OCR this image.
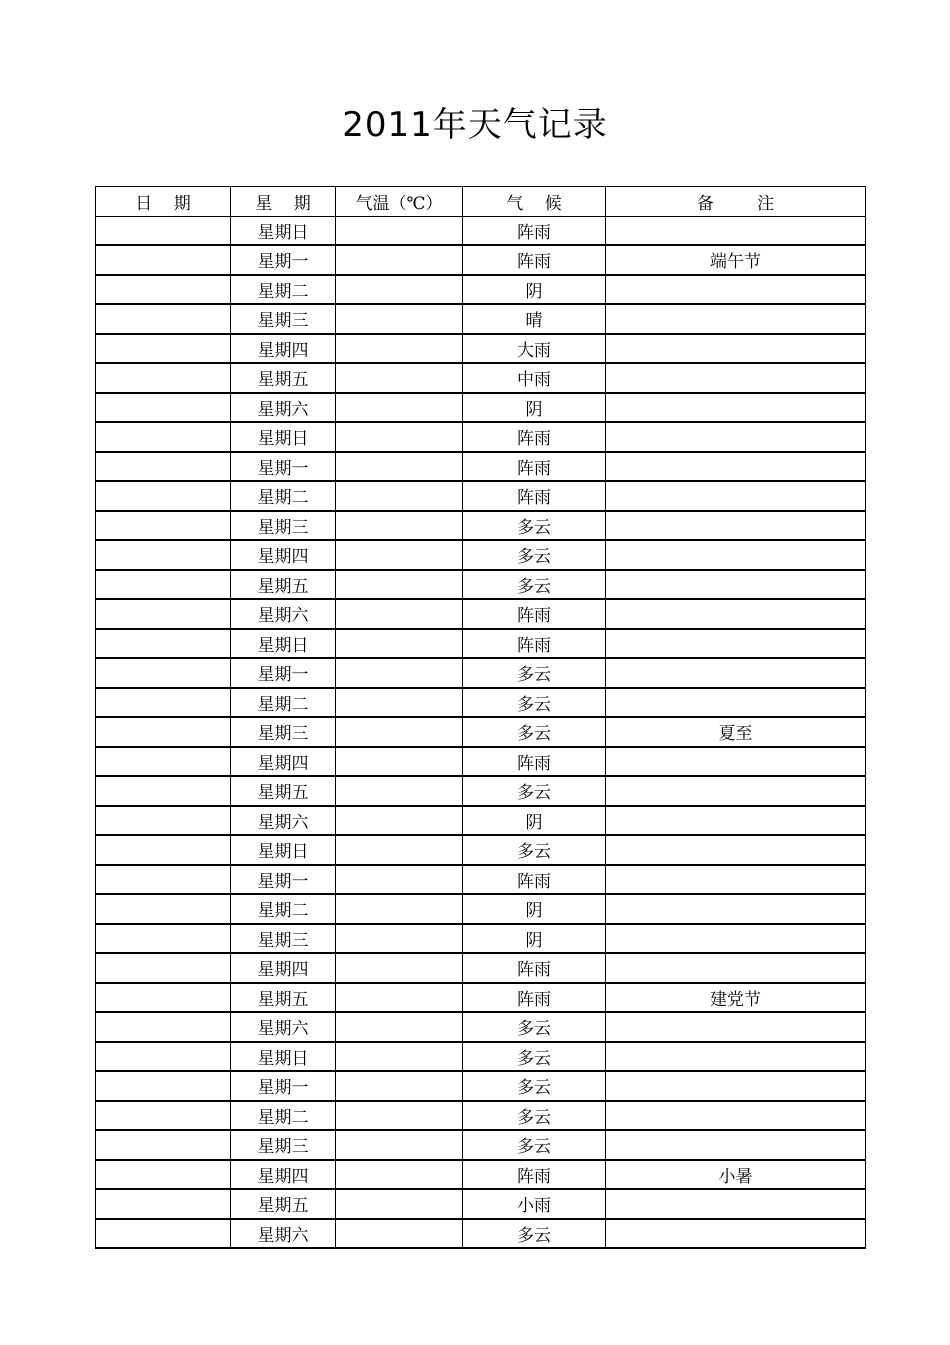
2011年天气记录
日    期	星    期	气温（℃）	气    候	备        注
	星期日		阵雨	
	星期一		阵雨	端午节
	星期二		阴	
	星期三		晴	
	星期四		大雨	
	星期五		中雨	
	星期六		阴	
	星期日		阵雨	
	星期一		阵雨	
	星期二		阵雨	
	星期三		多云	
	星期四		多云	
	星期五		多云	
	星期六		阵雨	
	星期日		阵雨	
	星期一		多云	
	星期二		多云	
	星期三		多云	夏至
	星期四		阵雨	
	星期五		多云	
	星期六		阴	
	星期日		多云	
	星期一		阵雨	
	星期二		阴	
	星期三		阴	
	星期四		阵雨	
	星期五		阵雨	建党节
	星期六		多云	
	星期日		多云	
	星期一		多云	
	星期二		多云	
	星期三		多云	
	星期四		阵雨	小暑
	星期五		小雨	
	星期六		多云	
